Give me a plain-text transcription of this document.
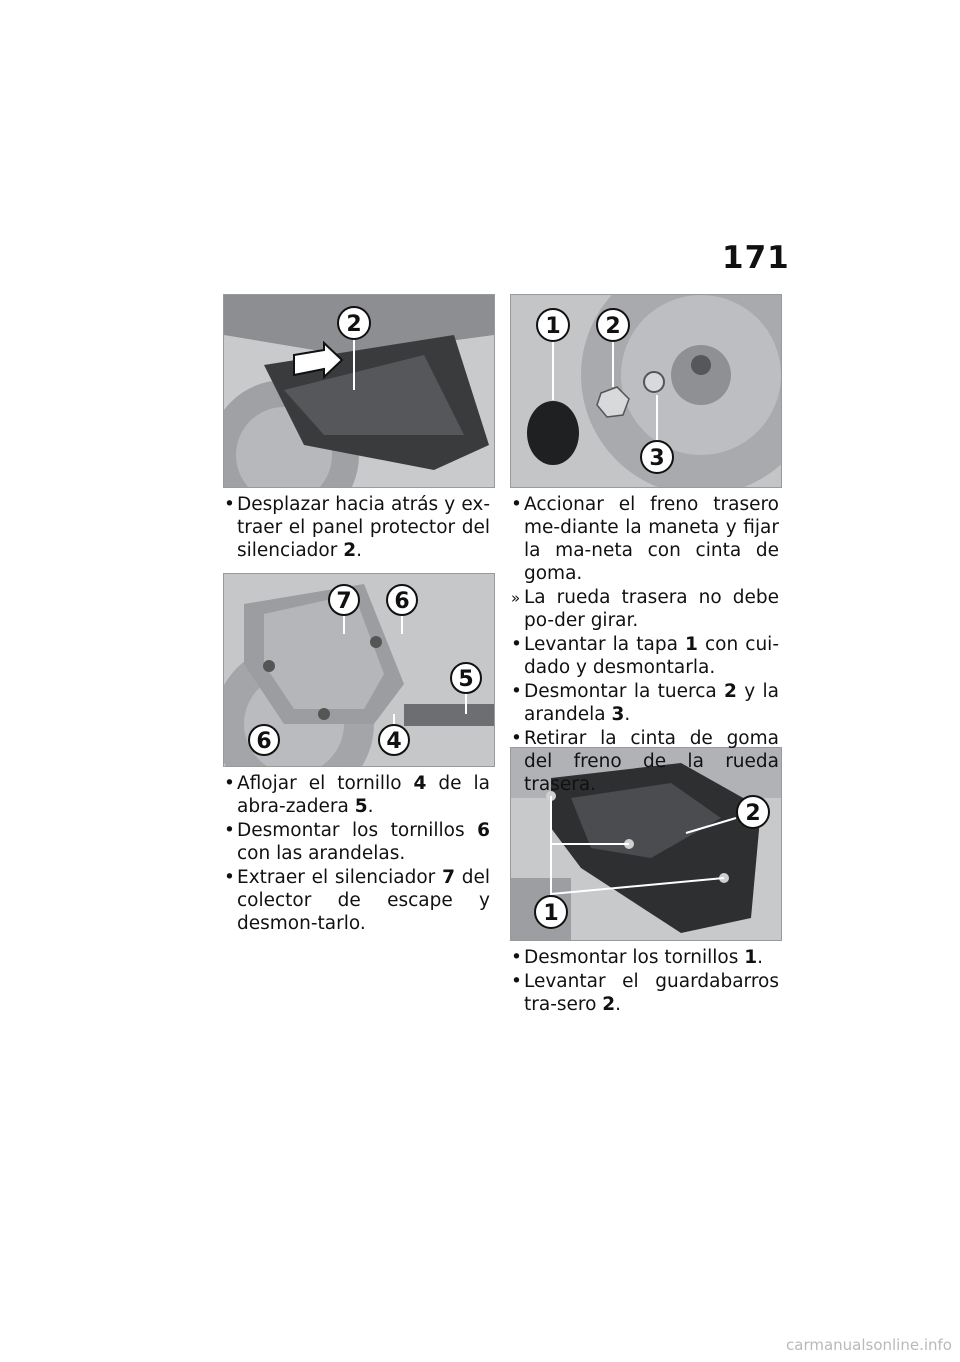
171
2
7 6
5
6	4
1 2
3
2
1
• Desplazar hacia atrás y ex-traer el panel protector del silenciador 2.
• Aflojar el tornillo 4 de la abra-zadera 5.
• Desmontar los tornillos 6 con las arandelas.
• Extraer el silenciador 7 del colector de escape y desmon-tarlo.
• Accionar el freno trasero me-diante la maneta y fijar la ma-neta con cinta de goma.
» La rueda trasera no debe po-der girar.
• Levantar la tapa 1 con cui-dado y desmontarla.
• Desmontar la tuerca 2 y la arandela 3.
• Retirar la cinta de goma del freno de la rueda trasera.
• Desmontar los tornillos 1.
• Levantar el guardabarros tra-sero 2.
carmanualsonline.info
